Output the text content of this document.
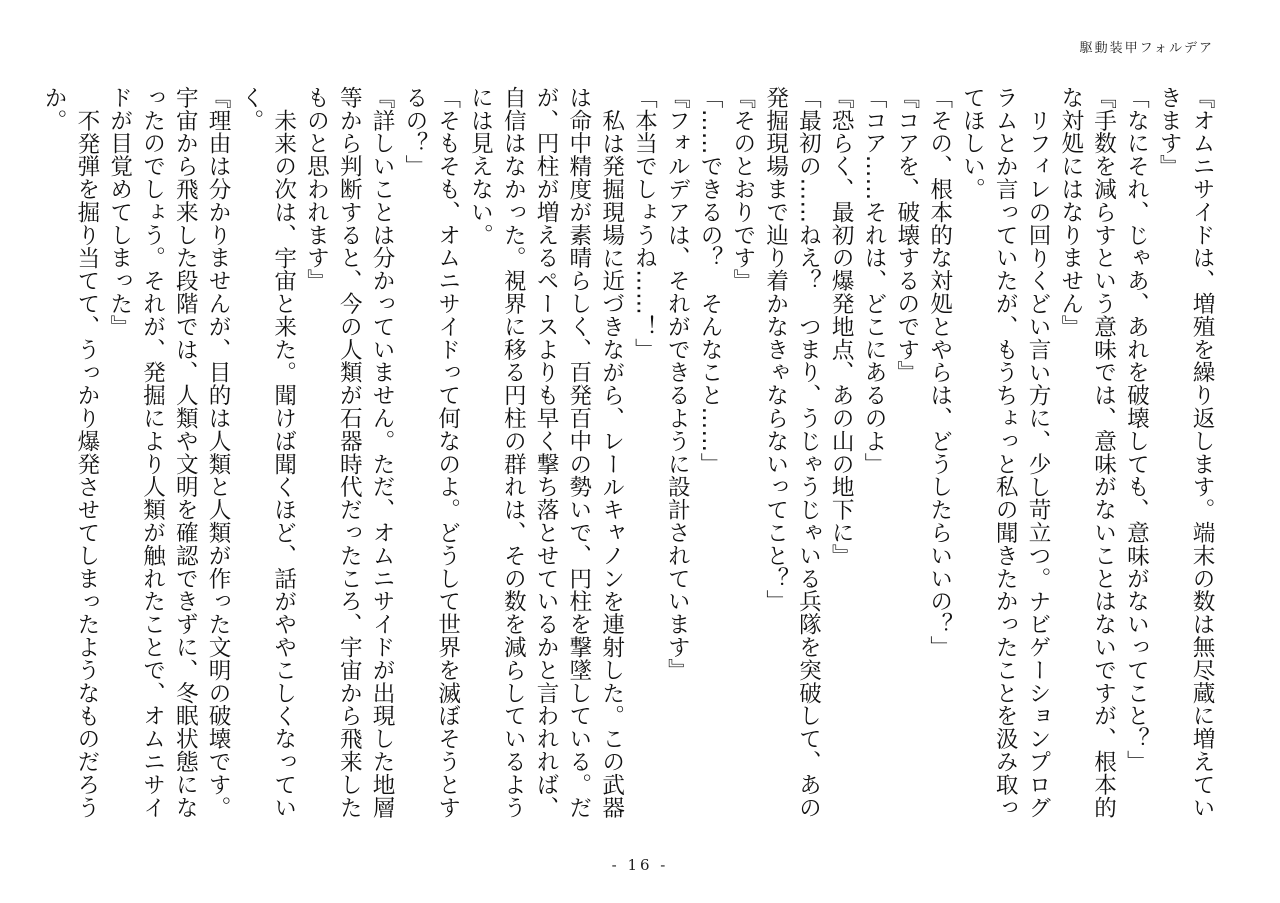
駆動装甲フォルデア

『オムニサイドは、増殖を繰り返します。端末の数は無尽蔵に増えていきます』

「なにそれ、じゃあ、あれを破壊しても、意味がないってこと？」

『手数を減らすという意味では、意味がないことはないですが、根本的な対処にはなりません』

リフィレの回りくどい言い方に、少し苛立つ。ナビゲーションプログラムとか言っていたが、もうちょっと私の聞きたかったことを汲み取ってほしい。

「その、根本的な対処とやらは、どうしたらいいの？」

『コアを、破壊するのです』

「コア……それは、どこにあるのよ」

『恐らく、最初の爆発地点、あの山の地下に』

「最初の……ねえ？　つまり、うじゃうじゃいる兵隊を突破して、あの発掘現場まで辿り着かなきゃならないってこと？」

『そのとおりです』

「……できるの？　そんなこと……」

『フォルデアは、それができるように設計されています』

「本当でしょうね……！」

私は発掘現場に近づきながら、レールキャノンを連射した。この武器は命中精度が素晴らしく、百発百中の勢いで、円柱を撃墜している。だが、円柱が増えるペースよりも早く撃ち落とせているかと言われれば、自信はなかった。視界に移る円柱の群れは、その数を減らしているようには見えない。

「そもそも、オムニサイドって何なのよ。どうして世界を滅ぼそうとするの？」

『詳しいことは分かっていません。ただ、オムニサイドが出現した地層等から判断すると、今の人類が石器時代だったころ、宇宙から飛来したものと思われます』

未来の次は、宇宙と来た。聞けば聞くほど、話がややこしくなっていく。

『理由は分かりませんが、目的は人類と人類が作った文明の破壊です。宇宙から飛来した段階では、人類や文明を確認できずに、冬眠状態になったのでしょう。それが、発掘により人類が触れたことで、オムニサイドが目覚めてしまった』

不発弾を掘り当てて、うっかり爆発させてしまったようなものだろうか。

- 16 -
